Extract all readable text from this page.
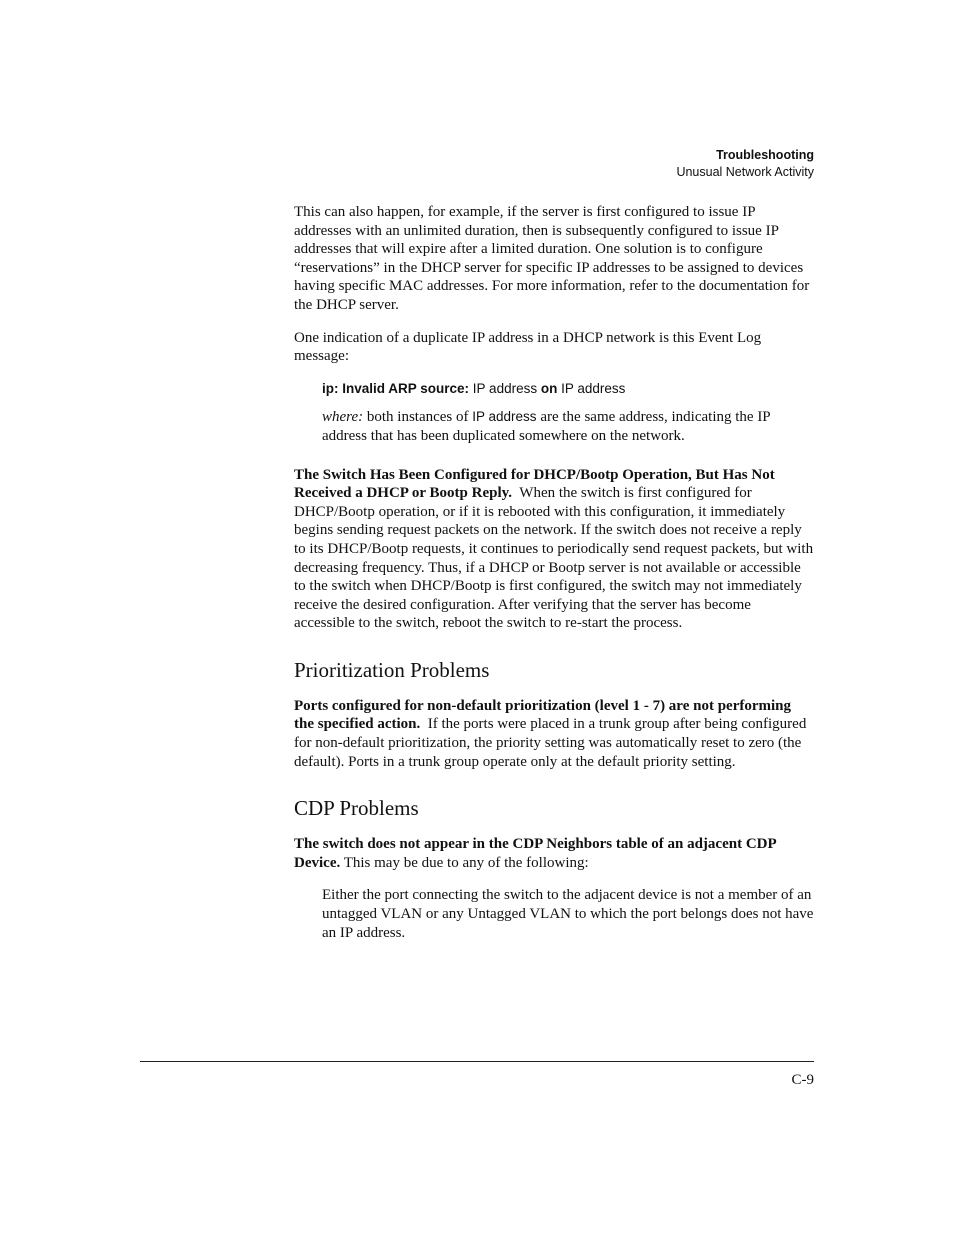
Troubleshooting
Unusual Network Activity

This can also happen, for example, if the server is first configured to issue IP addresses with an unlimited duration, then is subsequently configured to issue IP addresses that will expire after a limited duration. One solution is to configure “reservations” in the DHCP server for specific IP addresses to be assigned to devices having specific MAC addresses. For more information, refer to the documentation for the DHCP server.

One indication of a duplicate IP address in a DHCP network is this Event Log message:

ip: Invalid ARP source: IP address on IP address

where: both instances of IP address are the same address, indicating the IP address that has been duplicated somewhere on the network.

The Switch Has Been Configured for DHCP/Bootp Operation, But Has Not Received a DHCP or Bootp Reply. When the switch is first configured for DHCP/Bootp operation, or if it is rebooted with this configuration, it immediately begins sending request packets on the network. If the switch does not receive a reply to its DHCP/Bootp requests, it continues to periodically send request packets, but with decreasing frequency. Thus, if a DHCP or Bootp server is not available or accessible to the switch when DHCP/Bootp is first configured, the switch may not immediately receive the desired configuration. After verifying that the server has become accessible to the switch, reboot the switch to re-start the process.

Prioritization Problems

Ports configured for non-default prioritization (level 1 - 7) are not performing the specified action. If the ports were placed in a trunk group after being configured for non-default prioritization, the priority setting was automatically reset to zero (the default). Ports in a trunk group operate only at the default priority setting.

CDP Problems

The switch does not appear in the CDP Neighbors table of an adjacent CDP Device. This may be due to any of the following:

Either the port connecting the switch to the adjacent device is not a member of an untagged VLAN or any Untagged VLAN to which the port belongs does not have an IP address.

C-9
